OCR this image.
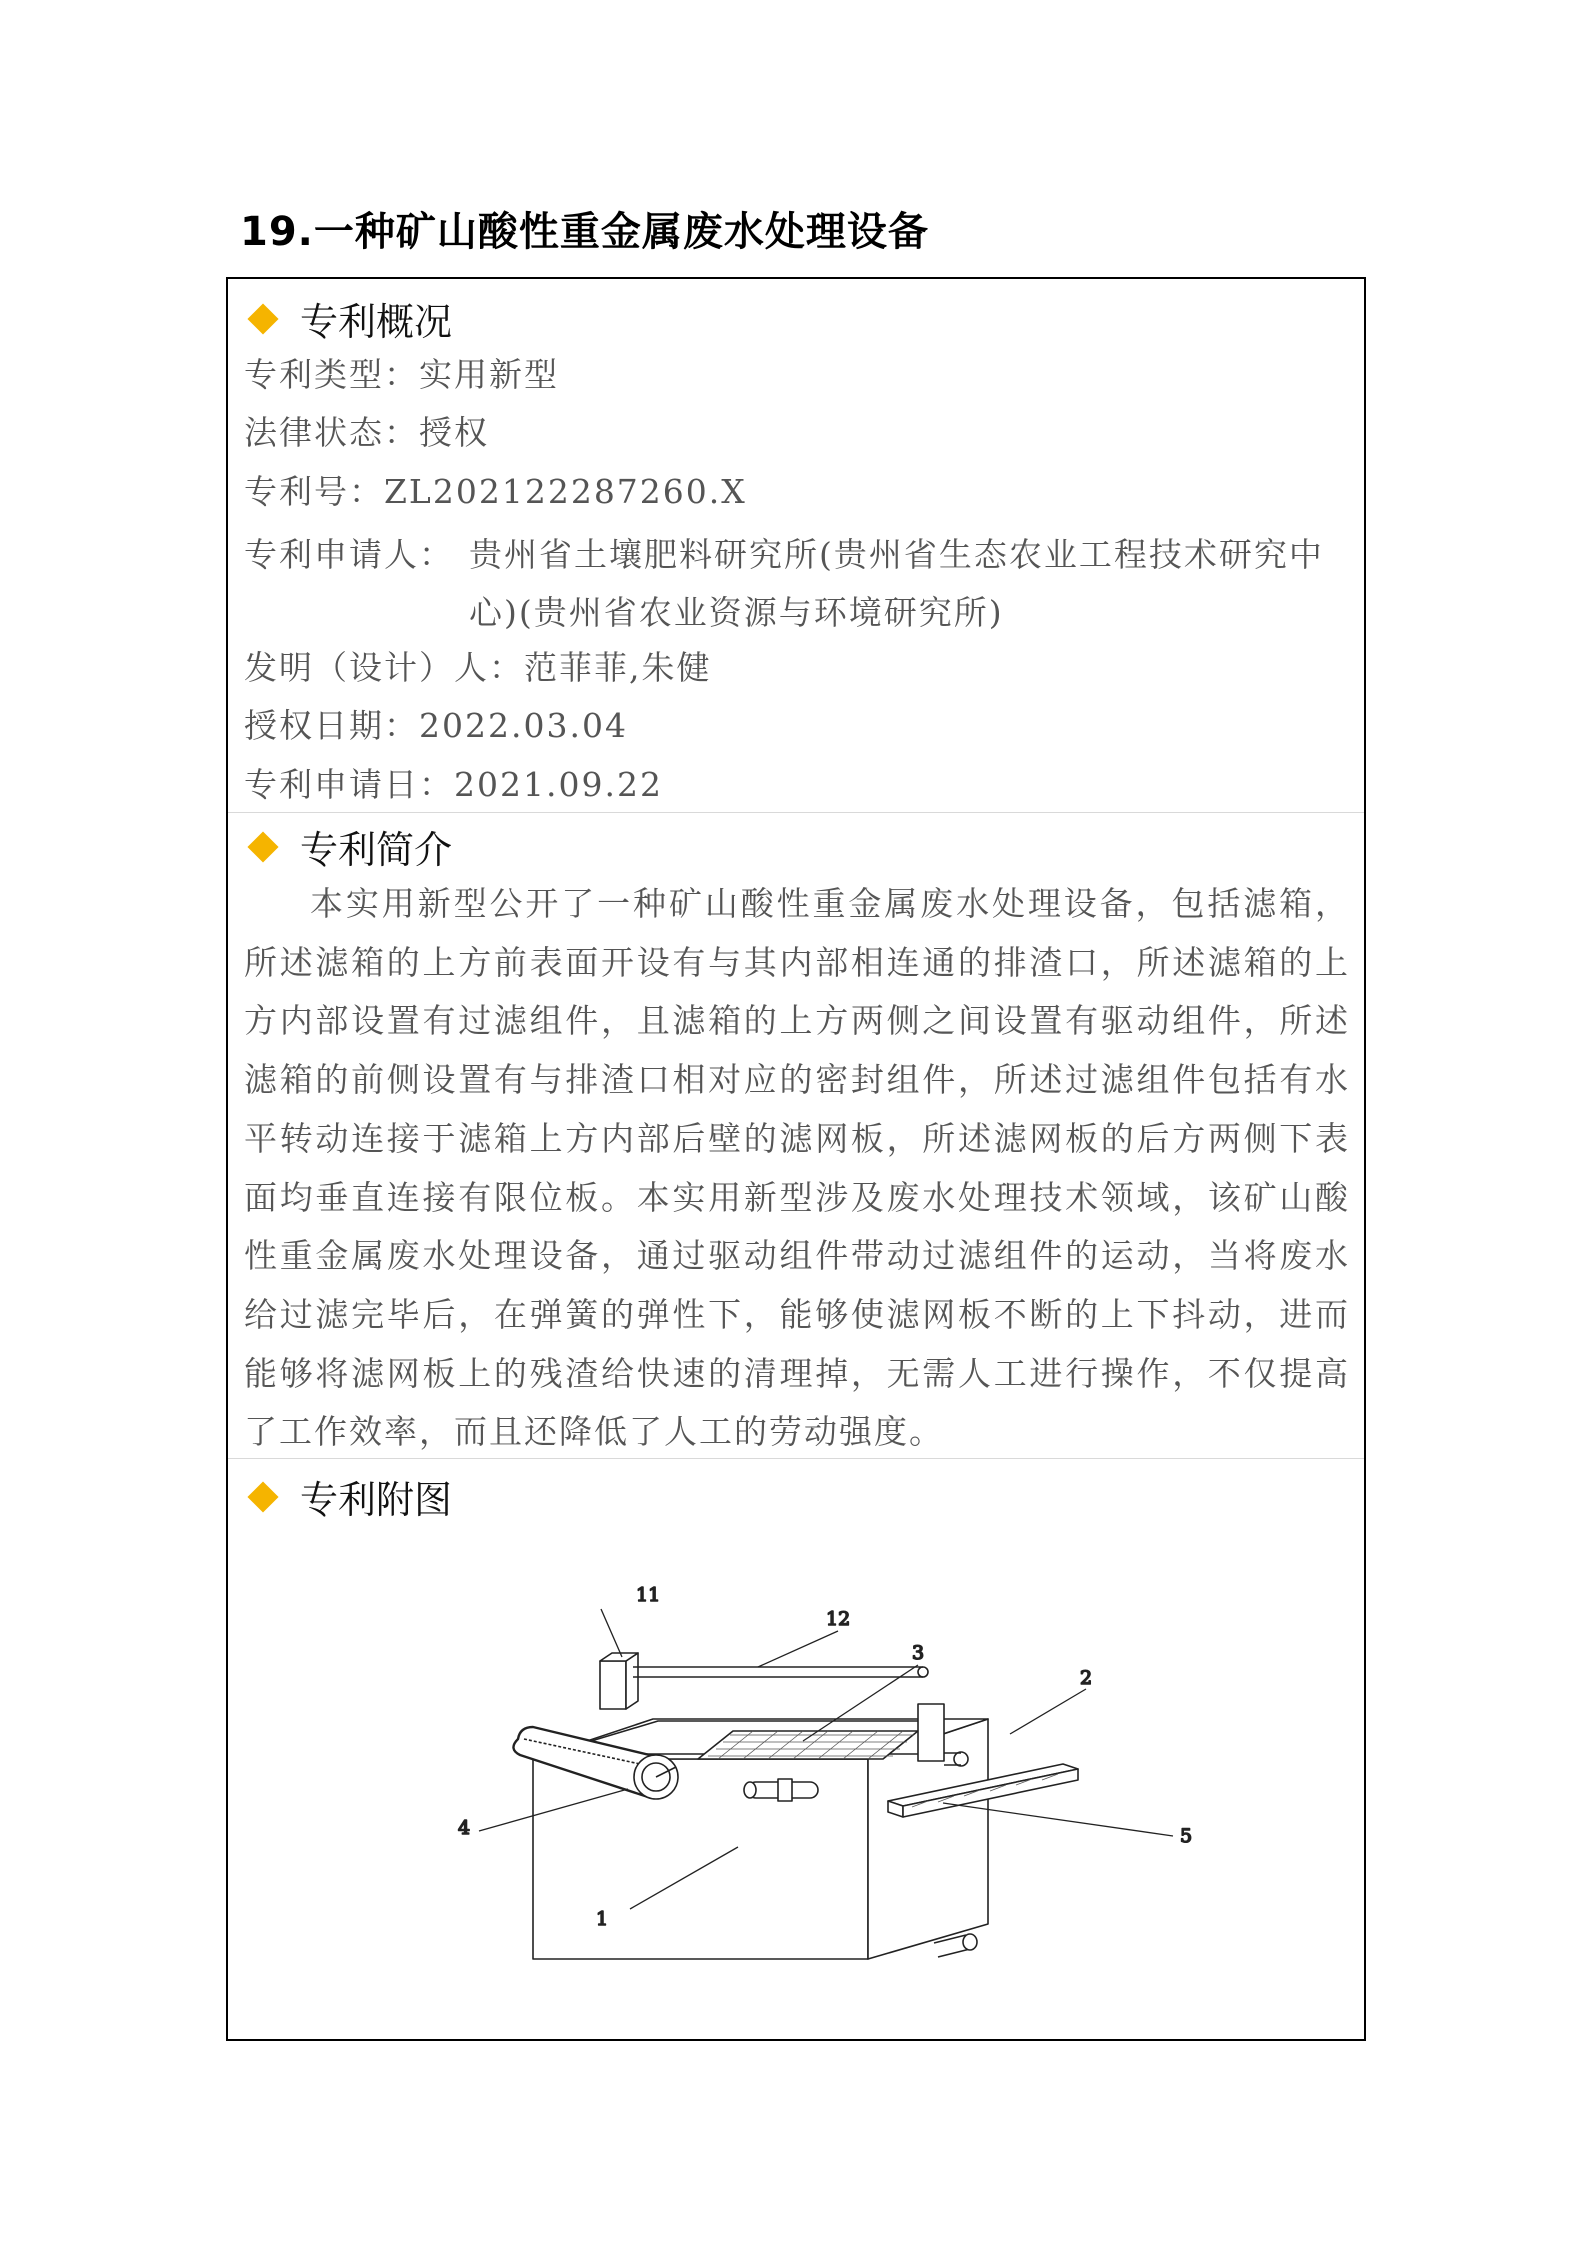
19.一种矿山酸性重金属废水处理设备
专利概况

专利类型：实用新型

法律状态：授权

专利号：ZL202122287260.X

专利申请人： 贵州省土壤肥料研究所(贵州省生态农业工程技术研究中心)(贵州省农业资源与环境研究所)

发明（设计）人：范菲菲,朱健

授权日期：2022.03.04

专利申请日：2021.09.22

专利简介

本实用新型公开了一种矿山酸性重金属废水处理设备，包括滤箱，所述滤箱的上方前表面开设有与其内部相连通的排渣口，所述滤箱的上方内部设置有过滤组件，且滤箱的上方两侧之间设置有驱动组件，所述滤箱的前侧设置有与排渣口相对应的密封组件，所述过滤组件包括有水平转动连接于滤箱上方内部后壁的滤网板，所述滤网板的后方两侧下表面均垂直连接有限位板。本实用新型涉及废水处理技术领域，该矿山酸性重金属废水处理设备，通过驱动组件带动过滤组件的运动，当将废水给过滤完毕后，在弹簧的弹性下，能够使滤网板不断的上下抖动，进而能够将滤网板上的残渣给快速的清理掉，无需人工进行操作，不仅提高了工作效率，而且还降低了人工的劳动强度。

专利附图
11
12
3
2
4	5
1
